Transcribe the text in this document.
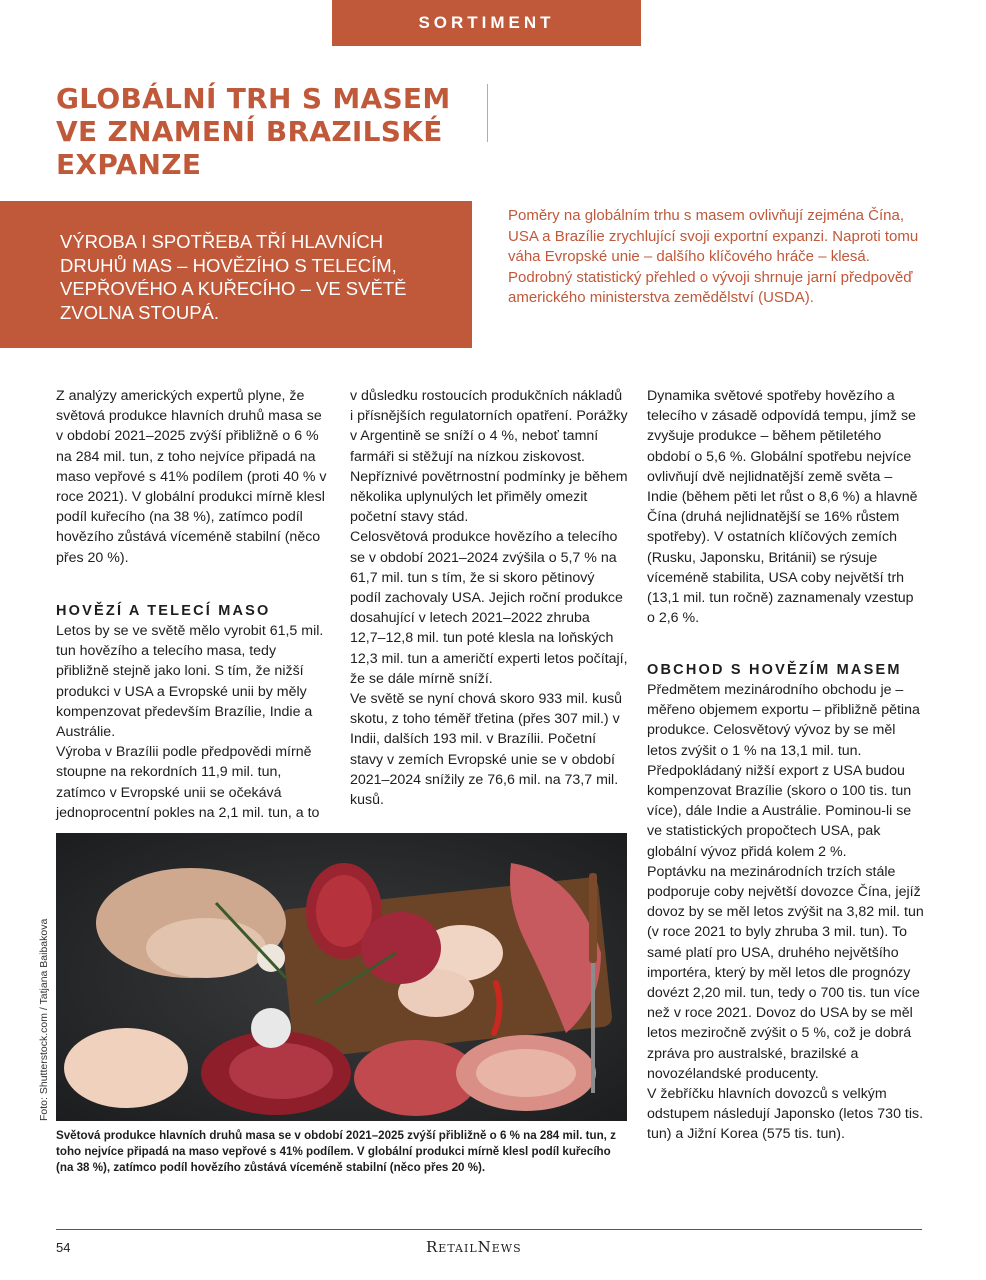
SORTIMENT
GLOBÁLNÍ TRH S MASEM VE ZNAMENÍ BRAZILSKÉ EXPANZE

VÝROBA I SPOTŘEBA TŘÍ HLAVNÍCH DRUHŮ MAS – HOVĚZÍHO S TELECÍM, VEPŘOVÉHO A KUŘECÍHO – VE SVĚTĚ ZVOLNA STOUPÁ.

Poměry na globálním trhu s masem ovlivňují zejména Čína, USA a Brazílie zrychlující svoji exportní expanzi. Naproti tomu váha Evropské unie – dalšího klíčového hráče – klesá. Podrobný statistický přehled o vývoji shrnuje jarní předpověď amerického ministerstva zemědělství (USDA).

Z analýzy amerických expertů plyne, že světová produkce hlavních druhů masa se v období 2021–2025 zvýší přibližně o 6 % na 284 mil. tun, z toho nejvíce připadá na maso vepřové s 41% podílem (proti 40 % v roce 2021). V globální produkci mírně klesl podíl kuřecího (na 38 %), zatímco podíl hovězího zůstává víceméně stabilní (něco přes 20 %).

HOVĚZÍ A TELECÍ MASO

Letos by se ve světě mělo vyrobit 61,5 mil. tun hovězího a telecího masa, tedy přibližně stejně jako loni. S tím, že nižší produkci v USA a Evropské unii by měly kompenzovat především Brazílie, Indie a Austrálie.

Výroba v Brazílii podle předpovědi mírně stoupne na rekordních 11,9 mil. tun, zatímco v Evropské unii se očekává jednoprocentní pokles na 2,1 mil. tun, a to

v důsledku rostoucích produkčních nákladů i přísnějších regulatorních opatření. Porážky v Argentině se sníží o 4 %, neboť tamní farmáři si stěžují na nízkou ziskovost. Nepříznivé povětrnostní podmínky je během několika uplynulých let přiměly omezit početní stavy stád.

Celosvětová produkce hovězího a telecího se v období 2021–2024 zvýšila o 5,7 % na 61,7 mil. tun s tím, že si skoro pětinový podíl zachovaly USA. Jejich roční produkce dosahující v letech 2021–2022 zhruba 12,7–12,8 mil. tun poté klesla na loňských 12,3 mil. tun a američtí experti letos počítají, že se dále mírně sníží.

Ve světě se nyní chová skoro 933 mil. kusů skotu, z toho téměř třetina (přes 307 mil.) v Indii, dalších 193 mil. v Brazílii. Početní stavy v zemích Evropské unie se v období 2021–2024 snížily ze 76,6 mil. na 73,7 mil. kusů.

Dynamika světové spotřeby hovězího a telecího v zásadě odpovídá tempu, jímž se zvyšuje produkce – během pětiletého období o 5,6 %. Globální spotřebu nejvíce ovlivňují dvě nejlidnatější země světa – Indie (během pěti let růst o 8,6 %) a hlavně Čína (druhá nejlidnatější se 16% růstem spotřeby). V ostatních klíčových zemích (Rusku, Japonsku, Británii) se rýsuje víceméně stabilita, USA coby největší trh (13,1 mil. tun ročně) zaznamenaly vzestup o 2,6 %.

OBCHOD S HOVĚZÍM MASEM

Předmětem mezinárodního obchodu je – měřeno objemem exportu – přibližně pětina produkce. Celosvětový vývoz by se měl letos zvýšit o 1 % na 13,1 mil. tun. Předpokládaný nižší export z USA budou kompenzovat Brazílie (skoro o 100 tis. tun více), dále Indie a Austrálie. Pominou-li se ve statistických propočtech USA, pak globální vývoz přidá kolem 2 %.

Poptávku na mezinárodních trzích stále podporuje coby největší dovozce Čína, jejíž dovoz by se měl letos zvýšit na 3,82 mil. tun (v roce 2021 to byly zhruba 3 mil. tun). To samé platí pro USA, druhého největšího importéra, který by měl letos dle prognózy dovézt 2,20 mil. tun, tedy o 700 tis. tun více než v roce 2021. Dovoz do USA by se měl letos meziročně zvýšit o 5 %, což je dobrá zpráva pro australské, brazilské a novozélandské producenty.

V žebříčku hlavních dovozců s velkým odstupem následují Japonsko (letos 730 tis. tun) a Jižní Korea (575 tis. tun).

Foto: Shutterstock.com / Tatjana Baibakova

Světová produkce hlavních druhů masa se v období 2021–2025 zvýší přibližně o 6 % na 284 mil. tun, z toho nejvíce připadá na maso vepřové s 41% podílem. V globální produkci mírně klesl podíl kuřecího (na 38 %), zatímco podíl hovězího zůstává víceméně stabilní (něco přes 20 %).

54	RetailNews
